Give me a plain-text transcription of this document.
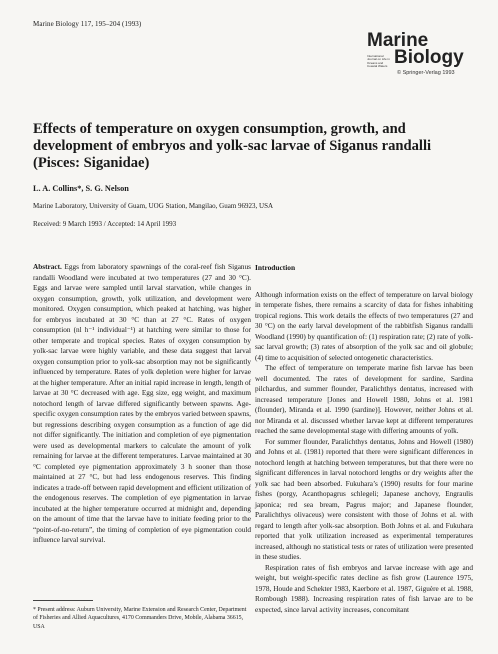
Marine Biology 117, 195–204 (1993)
Marine
International Journal on Life in Oceans and Coastal Waters Biology
© Springer-Verlag 1993
Effects of temperature on oxygen consumption, growth, and development of embryos and yolk-sac larvae of Siganus randalli (Pisces: Siganidae)
L. A. Collins*, S. G. Nelson
Marine Laboratory, University of Guam, UOG Station, Mangilao, Guam 96923, USA
Received: 9 March 1993 / Accepted: 14 April 1993

Abstract. Eggs from laboratory spawnings of the coral-reef fish Siganus randalli Woodland were incubated at two temperatures (27 and 30 °C). Eggs and larvae were sampled until larval starvation, while changes in oxygen consumption, growth, yolk utilization, and development were monitored. Oxygen consumption, which peaked at hatching, was higher for embryos incubated at 30 °C than at 27 °C. Rates of oxygen consumption (nl h⁻¹ individual⁻¹) at hatching were similar to those for other temperate and tropical species. Rates of oxygen consumption by yolk-sac larvae were highly variable, and these data suggest that larval oxygen consumption prior to yolk-sac absorption may not be significantly influenced by temperature. Rates of yolk depletion were higher for larvae at the higher temperature. After an initial rapid increase in length, length of larvae at 30 °C decreased with age. Egg size, egg weight, and maximum notochord length of larvae differed significantly between spawns. Age-specific oxygen consumption rates by the embryos varied between spawns, but regressions describing oxygen consumption as a function of age did not differ significantly. The initiation and completion of eye pigmentation were used as developmental markers to calculate the amount of yolk remaining for larvae at the different temperatures. Larvae maintained at 30 °C completed eye pigmentation approximately 3 h sooner than those maintained at 27 °C, but had less endogenous reserves. This finding indicates a trade-off between rapid development and efficient utilization of the endogenous reserves. The completion of eye pigmentation in larvae incubated at the higher temperature occurred at midnight and, depending on the amount of time that the larvae have to initiate feeding prior to the “point-of-no-return”, the timing of completion of eye pigmentation could influence larval survival.

Introduction

Although information exists on the effect of temperature on larval biology in temperate fishes, there remains a scarcity of data for fishes inhabiting tropical regions. This work details the effects of two temperatures (27 and 30 °C) on the early larval development of the rabbitfish Siganus randalli Woodland (1990) by quantification of: (1) respiration rate; (2) rate of yolk-sac larval growth; (3) rates of absorption of the yolk sac and oil globule; (4) time to acquisition of selected ontogenetic characteristics.

The effect of temperature on temperate marine fish larvae has been well documented. The rates of development for sardine, Sardina pilchardus, and summer flounder, Paralichthys dentatus, increased with increased temperature [Jones and Howell 1980, Johns et al. 1981 (flounder), Miranda et al. 1990 (sardine)]. However, neither Johns et al. nor Miranda et al. discussed whether larvae kept at different temperatures reached the same developmental stage with differing amounts of yolk.

For summer flounder, Paralichthys dentatus, Johns and Howell (1980) and Johns et al. (1981) reported that there were significant differences in notochord length at hatching between temperatures, but that there were no significant differences in larval notochord lengths or dry weights after the yolk sac had been absorbed. Fukuhara’s (1990) results for four marine fishes (porgy, Acanthopagrus schlegeli; Japanese anchovy, Engraulis japonica; red sea bream, Pagrus major; and Japanese flounder, Paralichthys olivaceus) were consistent with those of Johns et al. with regard to length after yolk-sac absorption. Both Johns et al. and Fukuhara reported that yolk utilization increased as experimental temperatures increased, although no statistical tests or rates of utilization were presented in these studies.

Respiration rates of fish embryos and larvae increase with age and weight, but weight-specific rates decline as fish grow (Laurence 1975, 1978, Houde and Schekter 1983, Kaerbore et al. 1987, Giguère et al. 1988, Rombough 1988). Increasing respiration rates of fish larvae are to be expected, since larval activity increases, concomitant

* Present address: Auburn University, Marine Extension and Research Center, Department of Fisheries and Allied Aquacultures, 4170 Commanders Drive, Mobile, Alabama 36615, USA
